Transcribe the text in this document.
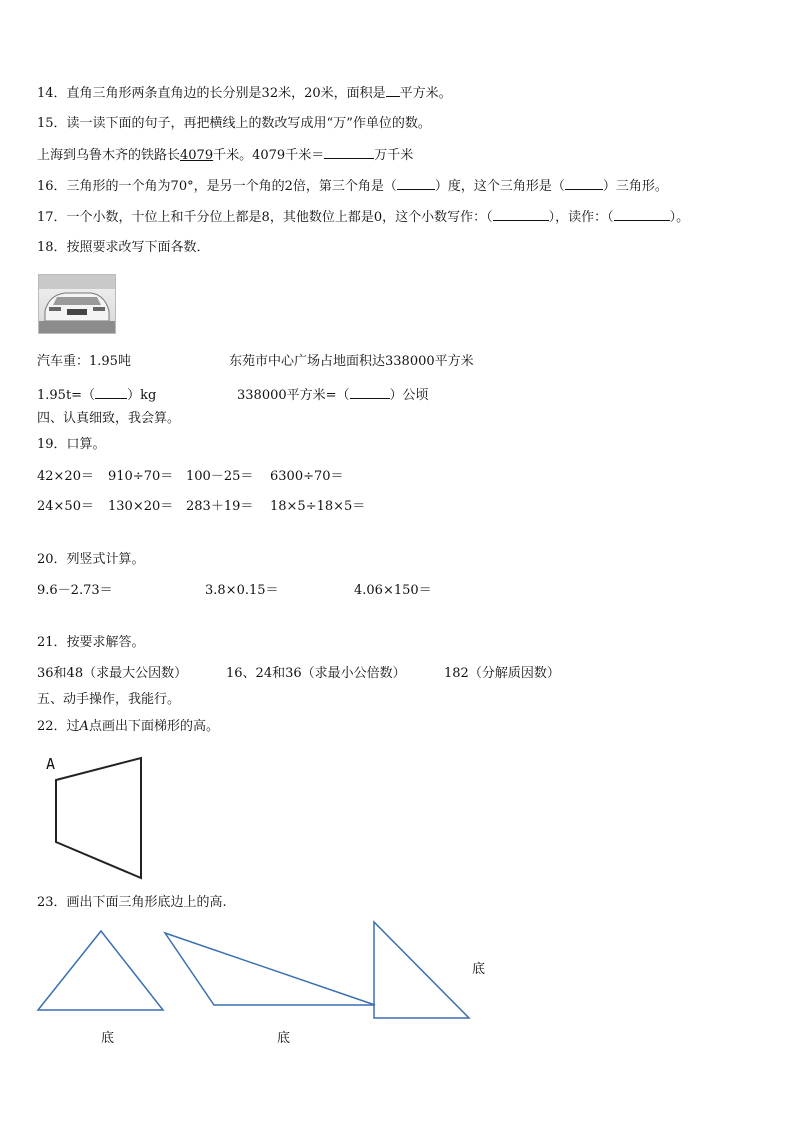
14．直角三角形两条直角边的长分别是32米，20米，面积是 平方米。
15．读一读下面的句子，再把横线上的数改写成用“万”作单位的数。
上海到乌鲁木齐的铁路长4079千米。4079千米＝	万千米
16．三角形的一个角为70°，是另一个角的2倍，第三个角是（	）度，这个三角形是（	）三角形。
17．一个小数，十位上和千分位上都是8，其他数位上都是0，这个小数写作：（	），读作：（	）。
18．按照要求改写下面各数．
汽车重：1.95吨	东苑市中心广场占地面积达338000平方米
1.95t=（ ）kg	338000平方米=（	）公顷
四、认真细致，我会算。
19．口算。
42×20＝ 910÷70＝ 100－25＝ 6300÷70＝
24×50＝ 130×20＝ 283＋19＝ 18×5÷18×5＝
20．列竖式计算。
9.6－2.73＝	3.8×0.15＝	4.06×150＝
21．按要求解答。
36和48（求最大公因数）	16、24和36（求最小公倍数）	182（分解质因数）
五、动手操作，我能行。
22．过A点画出下面梯形的高。
A
23．画出下面三角形底边上的高.
底	底
底
